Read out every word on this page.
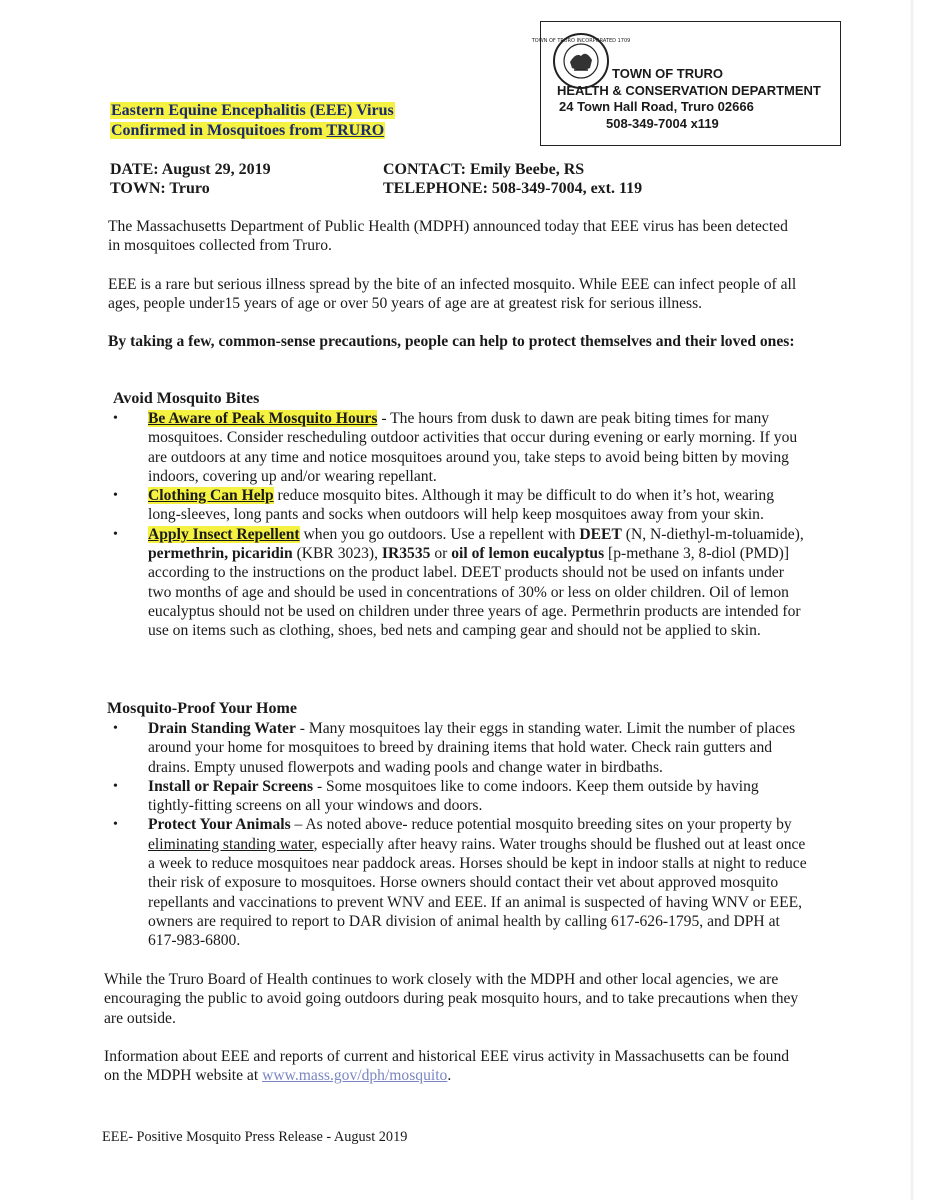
TOWN OF TRURO INCORPORATED 1709
TOWN OF TRURO
HEALTH & CONSERVATION DEPARTMENT
24 Town Hall Road, Truro 02666
508-349-7004 x119
Eastern Equine Encephalitis (EEE) Virus
Confirmed in Mosquitoes from TRURO
DATE: August 29, 2019
TOWN: Truro
CONTACT: Emily Beebe, RS
TELEPHONE: 508-349-7004, ext. 119
The Massachusetts Department of Public Health (MDPH) announced today that EEE virus has been detected in mosquitoes collected from Truro.
EEE is a rare but serious illness spread by the bite of an infected mosquito. While EEE can infect people of all ages, people under15 years of age or over 50 years of age are at greatest risk for serious illness.
By taking a few, common-sense precautions, people can help to protect themselves and their loved ones:
Avoid Mosquito Bites
• Be Aware of Peak Mosquito Hours - The hours from dusk to dawn are peak biting times for many mosquitoes. Consider rescheduling outdoor activities that occur during evening or early morning. If you are outdoors at any time and notice mosquitoes around you, take steps to avoid being bitten by moving indoors, covering up and/or wearing repellant.
• Clothing Can Help reduce mosquito bites. Although it may be difficult to do when it’s hot, wearing long-sleeves, long pants and socks when outdoors will help keep mosquitoes away from your skin.
• Apply Insect Repellent when you go outdoors. Use a repellent with DEET (N, N-diethyl-m-toluamide), permethrin, picaridin (KBR 3023), IR3535 or oil of lemon eucalyptus [p-methane 3, 8-diol (PMD)] according to the instructions on the product label. DEET products should not be used on infants under two months of age and should be used in concentrations of 30% or less on older children. Oil of lemon eucalyptus should not be used on children under three years of age. Permethrin products are intended for use on items such as clothing, shoes, bed nets and camping gear and should not be applied to skin.
Mosquito-Proof Your Home
• Drain Standing Water - Many mosquitoes lay their eggs in standing water. Limit the number of places around your home for mosquitoes to breed by draining items that hold water. Check rain gutters and drains. Empty unused flowerpots and wading pools and change water in birdbaths.
• Install or Repair Screens - Some mosquitoes like to come indoors. Keep them outside by having tightly-fitting screens on all your windows and doors.
• Protect Your Animals – As noted above- reduce potential mosquito breeding sites on your property by eliminating standing water, especially after heavy rains. Water troughs should be flushed out at least once a week to reduce mosquitoes near paddock areas. Horses should be kept in indoor stalls at night to reduce their risk of exposure to mosquitoes. Horse owners should contact their vet about approved mosquito repellants and vaccinations to prevent WNV and EEE. If an animal is suspected of having WNV or EEE, owners are required to report to DAR division of animal health by calling 617-626-1795, and DPH at 617-983-6800.
While the Truro Board of Health continues to work closely with the MDPH and other local agencies, we are encouraging the public to avoid going outdoors during peak mosquito hours, and to take precautions when they are outside.
Information about EEE and reports of current and historical EEE virus activity in Massachusetts can be found on the MDPH website at www.mass.gov/dph/mosquito.
EEE- Positive Mosquito Press Release - August 2019
